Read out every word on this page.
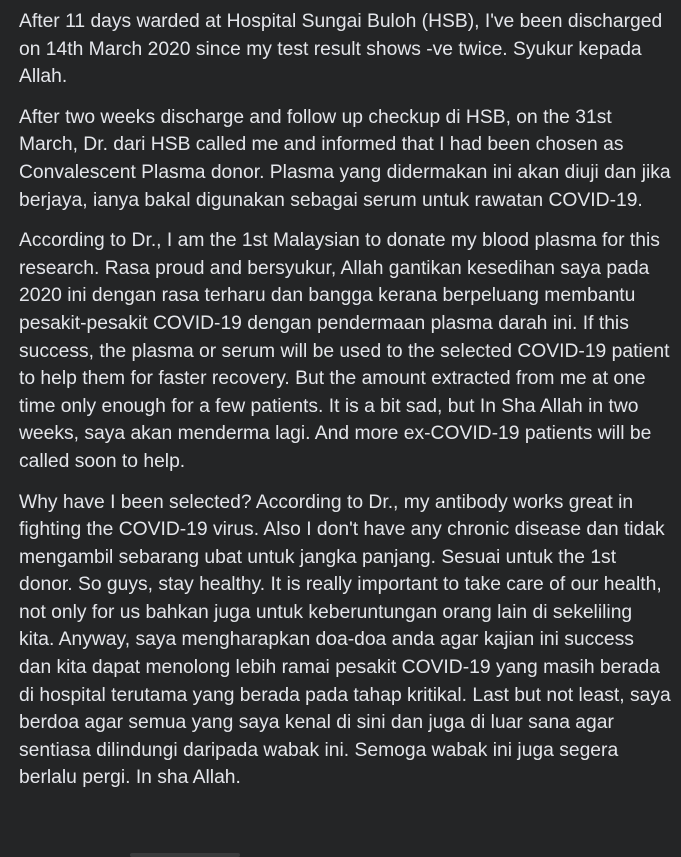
After 11 days warded at Hospital Sungai Buloh (HSB), I've been discharged on 14th March 2020 since my test result shows -ve twice. Syukur kepada Allah.

After two weeks discharge and follow up checkup di HSB, on the 31st March, Dr. dari HSB called me and informed that I had been chosen as Convalescent Plasma donor. Plasma yang didermakan ini akan diuji dan jika berjaya, ianya bakal digunakan sebagai serum untuk rawatan COVID-19.

According to Dr., I am the 1st Malaysian to donate my blood plasma for this research. Rasa proud and bersyukur, Allah gantikan kesedihan saya pada 2020 ini dengan rasa terharu dan bangga kerana berpeluang membantu pesakit-pesakit COVID-19 dengan pendermaan plasma darah ini. If this success, the plasma or serum will be used to the selected COVID-19 patient to help them for faster recovery. But the amount extracted from me at one time only enough for a few patients. It is a bit sad, but In Sha Allah in two weeks, saya akan menderma lagi. And more ex-COVID-19 patients will be called soon to help.

Why have I been selected? According to Dr., my antibody works great in fighting the COVID-19 virus. Also I don't have any chronic disease dan tidak mengambil sebarang ubat untuk jangka panjang. Sesuai untuk the 1st donor. So guys, stay healthy. It is really important to take care of our health, not only for us bahkan juga untuk keberuntungan orang lain di sekeliling kita. Anyway, saya mengharapkan doa-doa anda agar kajian ini success dan kita dapat menolong lebih ramai pesakit COVID-19 yang masih berada di hospital terutama yang berada pada tahap kritikal. Last but not least, saya berdoa agar semua yang saya kenal di sini dan juga di luar sana agar sentiasa dilindungi daripada wabak ini. Semoga wabak ini juga segera berlalu pergi. In sha Allah.
